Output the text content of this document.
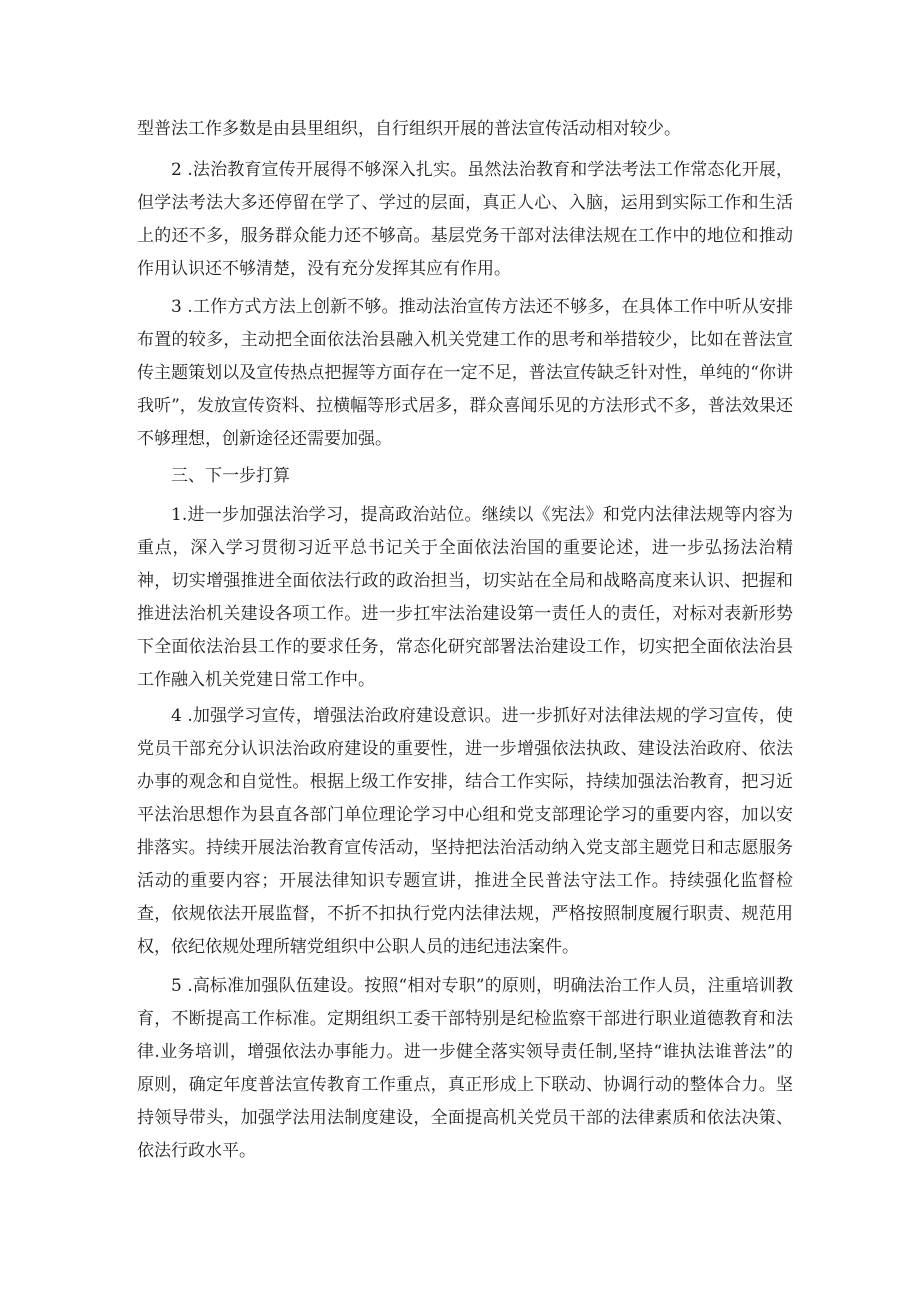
型普法工作多数是由县里组织，自行组织开展的普法宣传活动相对较少。

2 .法治教育宣传开展得不够深入扎实。虽然法治教育和学法考法工作常态化开展，但学法考法大多还停留在学了、学过的层面，真正人心、入脑，运用到实际工作和生活上的还不多，服务群众能力还不够高。基层党务干部对法律法规在工作中的地位和推动作用认识还不够清楚，没有充分发挥其应有作用。

3 .工作方式方法上创新不够。推动法治宣传方法还不够多，在具体工作中听从安排布置的较多，主动把全面依法治县融入机关党建工作的思考和举措较少，比如在普法宣传主题策划以及宣传热点把握等方面存在一定不足，普法宣传缺乏针对性，单纯的“你讲我听”，发放宣传资料、拉横幅等形式居多，群众喜闻乐见的方法形式不多，普法效果还不够理想，创新途径还需要加强。

三、下一步打算

1.进一步加强法治学习，提高政治站位。继续以《宪法》和党内法律法规等内容为重点，深入学习贯彻习近平总书记关于全面依法治国的重要论述，进一步弘扬法治精神，切实增强推进全面依法行政的政治担当，切实站在全局和战略高度来认识、把握和推进法治机关建设各项工作。进一步扛牢法治建设第一责任人的责任，对标对表新形势下全面依法治县工作的要求任务，常态化研究部署法治建设工作，切实把全面依法治县工作融入机关党建日常工作中。

4 .加强学习宣传，增强法治政府建设意识。进一步抓好对法律法规的学习宣传，使党员干部充分认识法治政府建设的重要性，进一步增强依法执政、建设法治政府、依法办事的观念和自觉性。根据上级工作安排，结合工作实际，持续加强法治教育，把习近平法治思想作为县直各部门单位理论学习中心组和党支部理论学习的重要内容，加以安排落实。持续开展法治教育宣传活动，坚持把法治活动纳入党支部主题党日和志愿服务活动的重要内容；开展法律知识专题宣讲，推进全民普法守法工作。持续强化监督检查，依规依法开展监督，不折不扣执行党内法律法规，严格按照制度履行职责、规范用权，依纪依规处理所辖党组织中公职人员的违纪违法案件。

5 .高标准加强队伍建设。按照“相对专职”的原则，明确法治工作人员，注重培训教育，不断提高工作标准。定期组织工委干部特别是纪检监察干部进行职业道德教育和法律.业务培训，增强依法办事能力。进一步健全落实领导责任制,坚持“谁执法谁普法”的原则，确定年度普法宣传教育工作重点，真正形成上下联动、协调行动的整体合力。坚持领导带头，加强学法用法制度建设，全面提高机关党员干部的法律素质和依法决策、依法行政水平。
